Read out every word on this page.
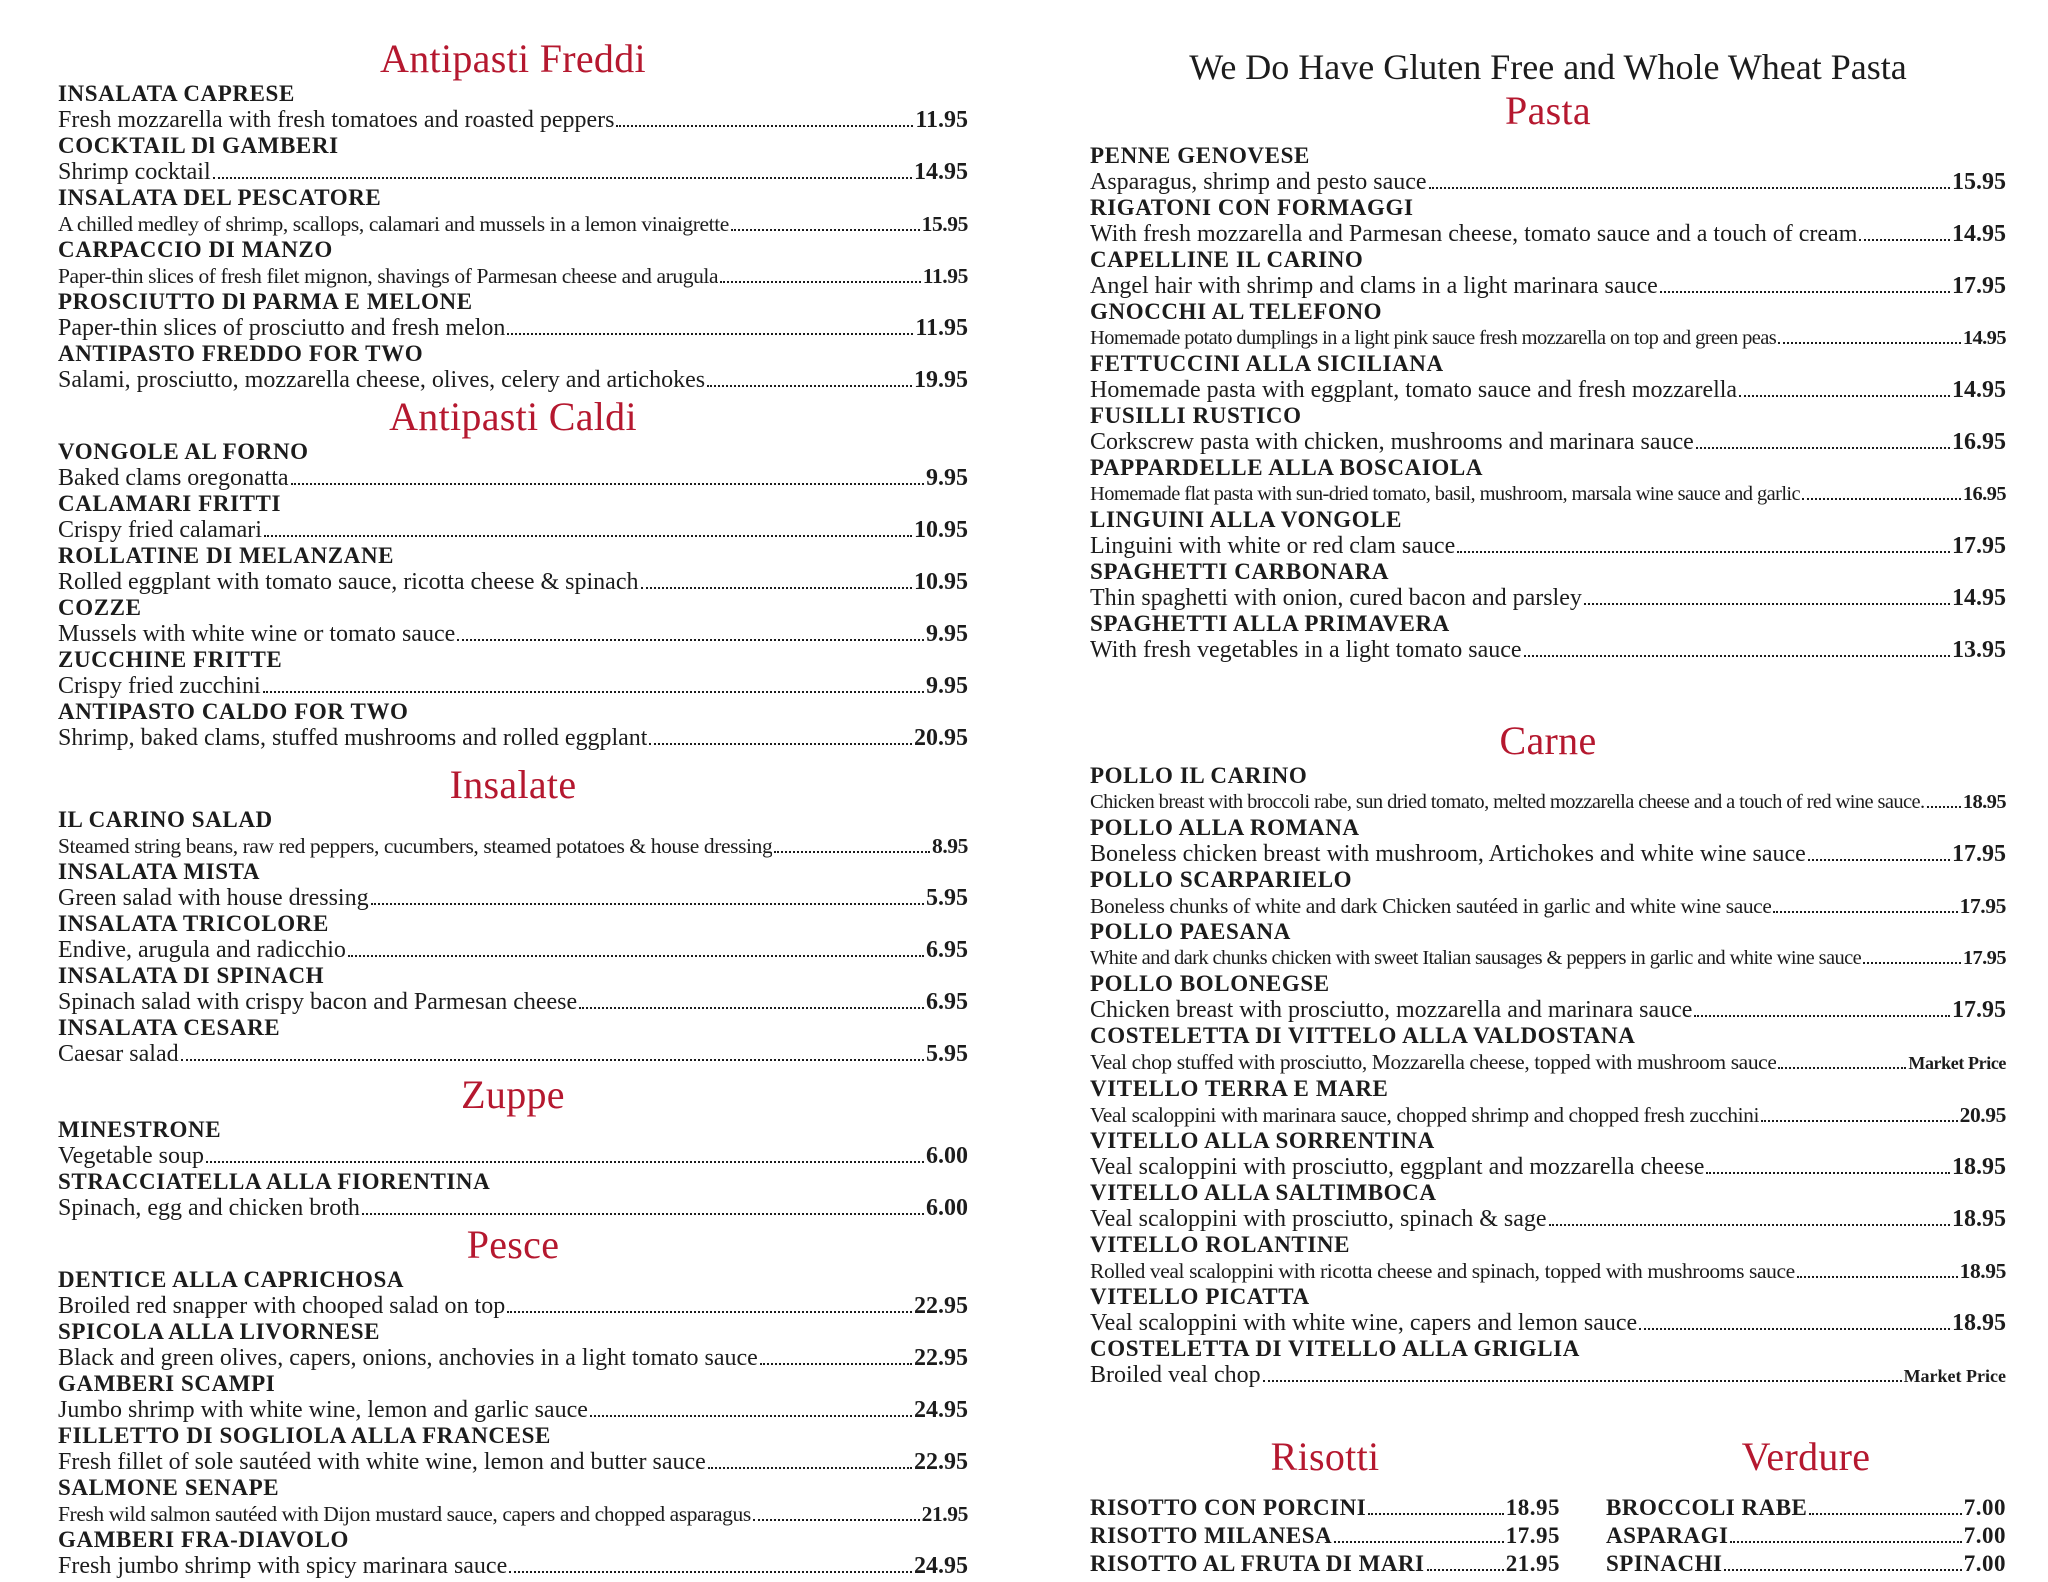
Antipasti Freddi
INSALATA CAPRESE
Fresh mozzarella with fresh tomatoes and roasted peppers	11.95
COCKTAIL Dl GAMBERI
Shrimp cocktail	14.95
INSALATA DEL PESCATORE
A chilled medley of shrimp, scallops, calamari and mussels in a lemon vinaigrette	15.95
CARPACCIO DI MANZO
Paper-thin slices of fresh filet mignon, shavings of Parmesan cheese and arugula	11.95
PROSCIUTTO Dl PARMA E MELONE
Paper-thin slices of prosciutto and fresh melon	11.95
ANTIPASTO FREDDO FOR TWO
Salami, prosciutto, mozzarella cheese, olives, celery and artichokes	19.95
Antipasti Caldi
VONGOLE AL FORNO
Baked clams oregonatta	9.95
CALAMARI FRITTI
Crispy fried calamari	10.95
ROLLATINE DI MELANZANE
Rolled eggplant with tomato sauce, ricotta cheese & spinach	10.95
COZZE
Mussels with white wine or tomato sauce	9.95
ZUCCHINE FRITTE
Crispy fried zucchini	9.95
ANTIPASTO CALDO FOR TWO
Shrimp, baked clams, stuffed mushrooms and rolled eggplant	20.95
Insalate
IL CARINO SALAD
Steamed string beans, raw red peppers, cucumbers, steamed potatoes & house dressing	8.95
INSALATA MISTA
Green salad with house dressing	5.95
INSALATA TRICOLORE
Endive, arugula and radicchio	6.95
INSALATA DI SPINACH
Spinach salad with crispy bacon and Parmesan cheese	6.95
INSALATA CESARE
Caesar salad	5.95
Zuppe
MINESTRONE
Vegetable soup	6.00
STRACCIATELLA ALLA FIORENTINA
Spinach, egg and chicken broth	6.00
Pesce
DENTICE ALLA CAPRICHOSA
Broiled red snapper with chooped salad on top	22.95
SPICOLA ALLA LIVORNESE
Black and green olives, capers, onions, anchovies in a light tomato sauce	22.95
GAMBERI SCAMPI
Jumbo shrimp with white wine, lemon and garlic sauce	24.95
FILLETTO DI SOGLIOLA ALLA FRANCESE
Fresh fillet of sole sautéed with white wine, lemon and butter sauce	22.95
SALMONE SENAPE
Fresh wild salmon sautéed with Dijon mustard sauce, capers and chopped asparagus	21.95
GAMBERI FRA-DIAVOLO
Fresh jumbo shrimp with spicy marinara sauce	24.95
We Do Have Gluten Free and Whole Wheat Pasta
Pasta
PENNE GENOVESE
Asparagus, shrimp and pesto sauce	15.95
RIGATONI CON FORMAGGI
With fresh mozzarella and Parmesan cheese, tomato sauce and a touch of cream	14.95
CAPELLINE IL CARINO
Angel hair with shrimp and clams in a light marinara sauce	17.95
GNOCCHI AL TELEFONO
Homemade potato dumplings in a light pink sauce fresh mozzarella on top and green peas	14.95
FETTUCCINI ALLA SICILIANA
Homemade pasta with eggplant, tomato sauce and fresh mozzarella	14.95
FUSILLI RUSTICO
Corkscrew pasta with chicken, mushrooms and marinara sauce	16.95
PAPPARDELLE ALLA BOSCAIOLA
Homemade flat pasta with sun-dried tomato, basil, mushroom, marsala wine sauce and garlic	16.95
LINGUINI ALLA VONGOLE
Linguini with white or red clam sauce	17.95
SPAGHETTI CARBONARA
Thin spaghetti with onion, cured bacon and parsley	14.95
SPAGHETTI ALLA PRIMAVERA
With fresh vegetables in a light tomato sauce	13.95
Carne
POLLO IL CARINO
Chicken breast with broccoli rabe, sun dried tomato, melted mozzarella cheese and a touch of red wine sauce. 18.95
POLLO ALLA ROMANA
Boneless chicken breast with mushroom, Artichokes and white wine sauce	17.95
POLLO SCARPARIELO
Boneless chunks of white and dark Chicken sautéed in garlic and white wine sauce	17.95
POLLO PAESANA
White and dark chunks chicken with sweet Italian sausages & peppers in garlic and white wine sauce	17.95
POLLO BOLONEGSE
Chicken breast with prosciutto, mozzarella and marinara sauce	17.95
COSTELETTA DI VITTELO ALLA VALDOSTANA
Veal chop stuffed with prosciutto, Mozzarella cheese, topped with mushroom sauce	Market Price
VITELLO TERRA E MARE
Veal scaloppini with marinara sauce, chopped shrimp and chopped fresh zucchini	20.95
VITELLO ALLA SORRENTINA
Veal scaloppini with prosciutto, eggplant and mozzarella cheese	18.95
VITELLO ALLA SALTIMBOCA
Veal scaloppini with prosciutto, spinach & sage	18.95
VITELLO ROLANTINE
Rolled veal scaloppini with ricotta cheese and spinach, topped with mushrooms sauce	18.95
VITELLO PICATTA
Veal scaloppini with white wine, capers and lemon sauce	18.95
COSTELETTA DI VITELLO ALLA GRIGLIA
Broiled veal chop	Market Price
Risotti
RISOTTO CON PORCINI	18.95
RISOTTO MILANESA	17.95
RISOTTO AL FRUTA DI MARI	21.95
Verdure
BROCCOLI RABE	7.00
ASPARAGI	7.00
SPINACHI	7.00
